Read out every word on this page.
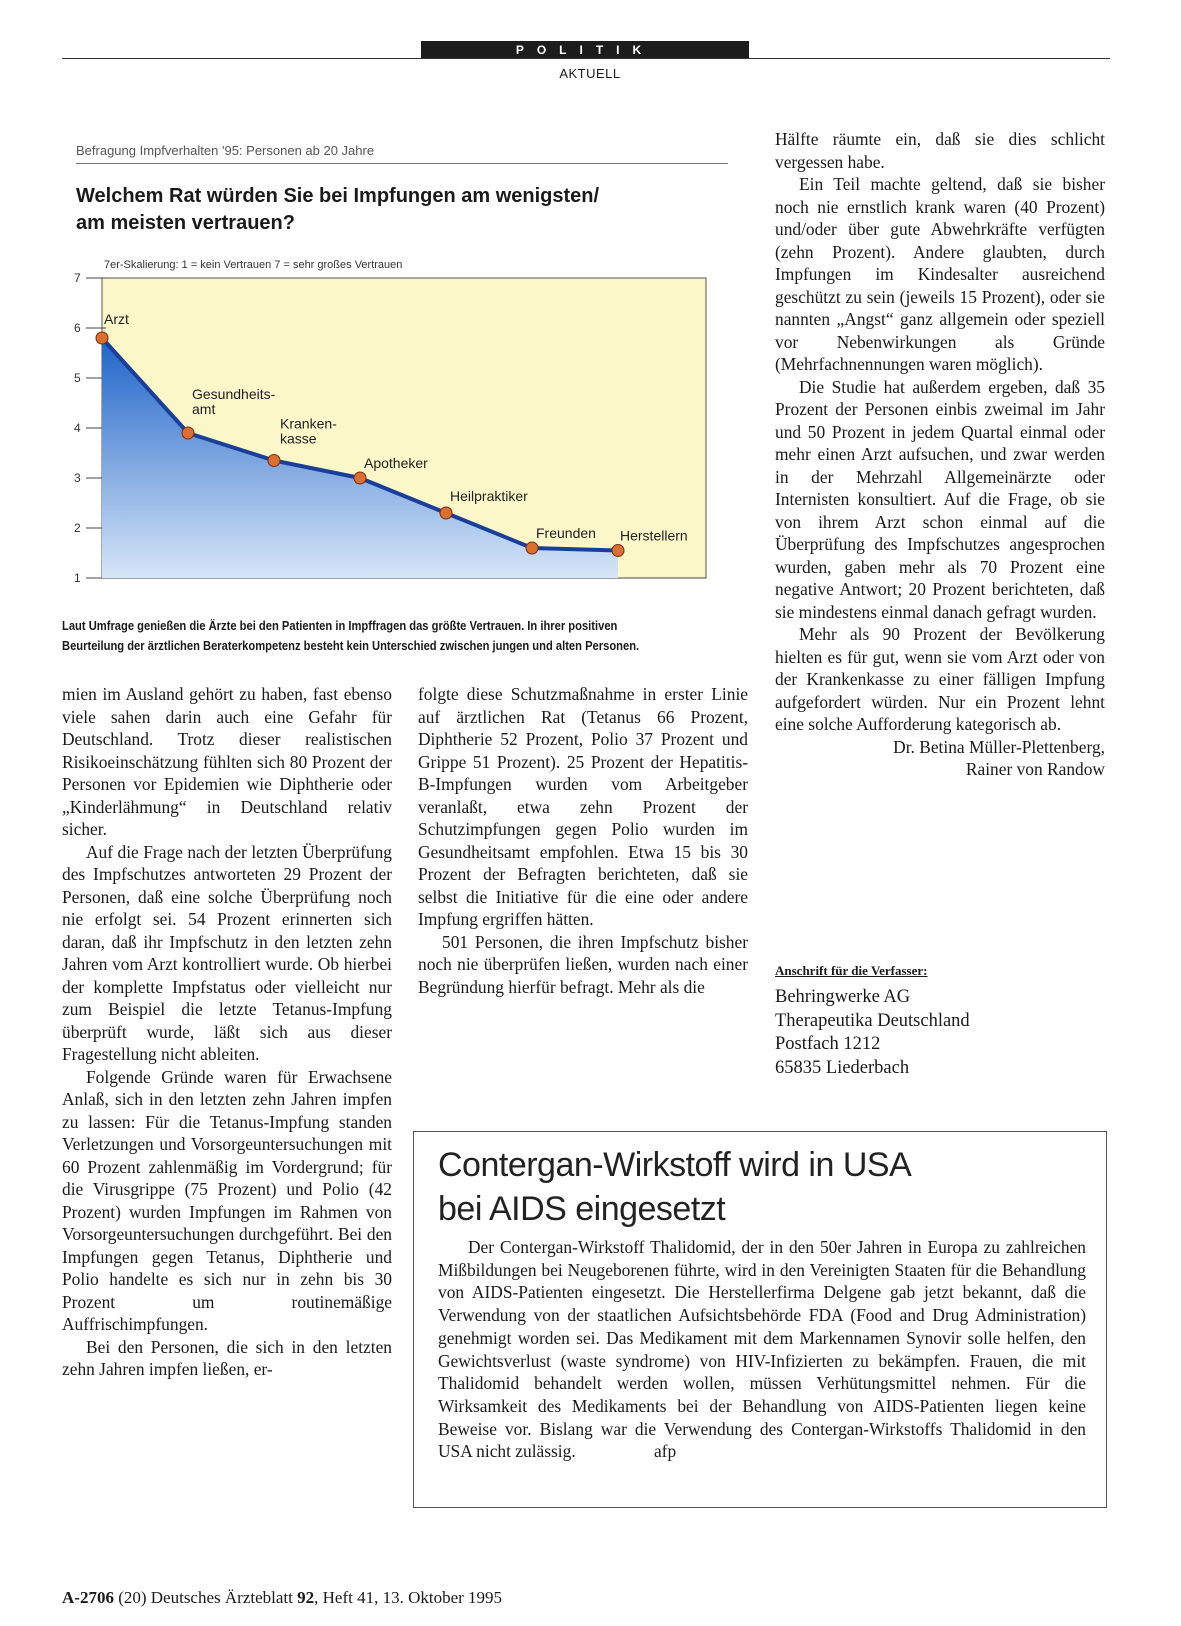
POLITIK
AKTUELL
Befragung Impfverhalten '95: Personen ab 20 Jahre
Welchem Rat würden Sie bei Impfungen am wenigsten/
am meisten vertrauen?
7er-Skalierung: 1 = kein Vertrauen 7 = sehr großes Vertrauen
1
2
3
4
5
6
7
Arzt
Gesundheits-
amt
Kranken-
kasse
Apotheker
Heilpraktiker
Freunden Herstellern
Laut Umfrage genießen die Ärzte bei den Patienten in Impffragen das größte Vertrauen. In ihrer positiven
Beurteilung der ärztlichen Beraterkompetenz besteht kein Unterschied zwischen jungen und alten Personen.

mien im Ausland gehört zu haben, fast ebenso viele sahen darin auch eine Gefahr für Deutschland. Trotz dieser realistischen Risikoeinschätzung fühlten sich 80 Prozent der Personen vor Epidemien wie Diphtherie oder „Kinderlähmung“ in Deutschland relativ sicher.

Auf die Frage nach der letzten Überprüfung des Impfschutzes antworteten 29 Prozent der Personen, daß eine solche Überprüfung noch nie erfolgt sei. 54 Prozent erinnerten sich daran, daß ihr Impfschutz in den letzten zehn Jahren vom Arzt kontrolliert wurde. Ob hierbei der komplette Impfstatus oder vielleicht nur zum Beispiel die letzte Tetanus-Impfung überprüft wurde, läßt sich aus dieser Fragestellung nicht ableiten.

Folgende Gründe waren für Erwachsene Anlaß, sich in den letzten zehn Jahren impfen zu lassen: Für die Tetanus-Impfung standen Verletzungen und Vorsorgeuntersuchungen mit 60 Prozent zahlenmäßig im Vordergrund; für die Virusgrippe (75 Prozent) und Polio (42 Prozent) wurden Impfungen im Rahmen von Vorsorgeuntersuchungen durchgeführt. Bei den Impfungen gegen Tetanus, Diphtherie und Polio handelte es sich nur in zehn bis 30 Prozent um routinemäßige Auffrischimpfungen.

Bei den Personen, die sich in den letzten zehn Jahren impfen ließen, er-

folgte diese Schutzmaßnahme in erster Linie auf ärztlichen Rat (Tetanus 66 Prozent, Diphtherie 52 Prozent, Polio 37 Prozent und Grippe 51 Prozent). 25 Prozent der Hepatitis-B-Impfungen wurden vom Arbeitgeber veranlaßt, etwa zehn Prozent der Schutzimpfungen gegen Polio wurden im Gesundheitsamt empfohlen. Etwa 15 bis 30 Prozent der Befragten berichteten, daß sie selbst die Initiative für die eine oder andere Impfung ergriffen hätten.

501 Personen, die ihren Impfschutz bisher noch nie überprüfen ließen, wurden nach einer Begründung hierfür befragt. Mehr als die

Hälfte räumte ein, daß sie dies schlicht vergessen habe.

Ein Teil machte geltend, daß sie bisher noch nie ernstlich krank waren (40 Prozent) und/oder über gute Abwehrkräfte verfügten (zehn Prozent). Andere glaubten, durch Impfungen im Kindesalter ausreichend geschützt zu sein (jeweils 15 Prozent), oder sie nannten „Angst“ ganz allgemein oder speziell vor Nebenwirkungen als Gründe (Mehrfachnennungen waren möglich).

Die Studie hat außerdem ergeben, daß 35 Prozent der Personen einbis zweimal im Jahr und 50 Prozent in jedem Quartal einmal oder mehr einen Arzt aufsuchen, und zwar werden in der Mehrzahl Allgemeinärzte oder Internisten konsultiert. Auf die Frage, ob sie von ihrem Arzt schon einmal auf die Überprüfung des Impfschutzes angesprochen wurden, gaben mehr als 70 Prozent eine negative Antwort; 20 Prozent berichteten, daß sie mindestens einmal danach gefragt wurden.

Mehr als 90 Prozent der Bevölkerung hielten es für gut, wenn sie vom Arzt oder von der Krankenkasse zu einer fälligen Impfung aufgefordert würden. Nur ein Prozent lehnt eine solche Aufforderung kategorisch ab.

Dr. Betina Müller-Plettenberg,

Rainer von Randow

Anschrift für die Verfasser:
Behringwerke AG
Therapeutika Deutschland
Postfach 1212
65835 Liederbach
Contergan-Wirkstoff wird in USA
bei AIDS eingesetzt

Der Contergan-Wirkstoff Thalidomid, der in den 50er Jahren in Europa zu zahlreichen Mißbildungen bei Neugeborenen führte, wird in den Vereinigten Staaten für die Behandlung von AIDS-Patienten eingesetzt. Die Herstellerfirma Delgene gab jetzt bekannt, daß die Verwendung von der staatlichen Aufsichtsbehörde FDA (Food and Drug Administration) genehmigt worden sei. Das Medikament mit dem Markennamen Synovir solle helfen, den Gewichtsverlust (waste syndrome) von HIV-Infizierten zu bekämpfen. Frauen, die mit Thalidomid behandelt werden wollen, müssen Verhütungsmittel nehmen. Für die Wirksamkeit des Medikaments bei der Behandlung von AIDS-Patienten liegen keine Beweise vor. Bislang war die Verwendung des Contergan-Wirkstoffs Thalidomid in den USA nicht zulässig.	afp

A-2706 (20) Deutsches Ärzteblatt 92, Heft 41, 13. Oktober 1995
